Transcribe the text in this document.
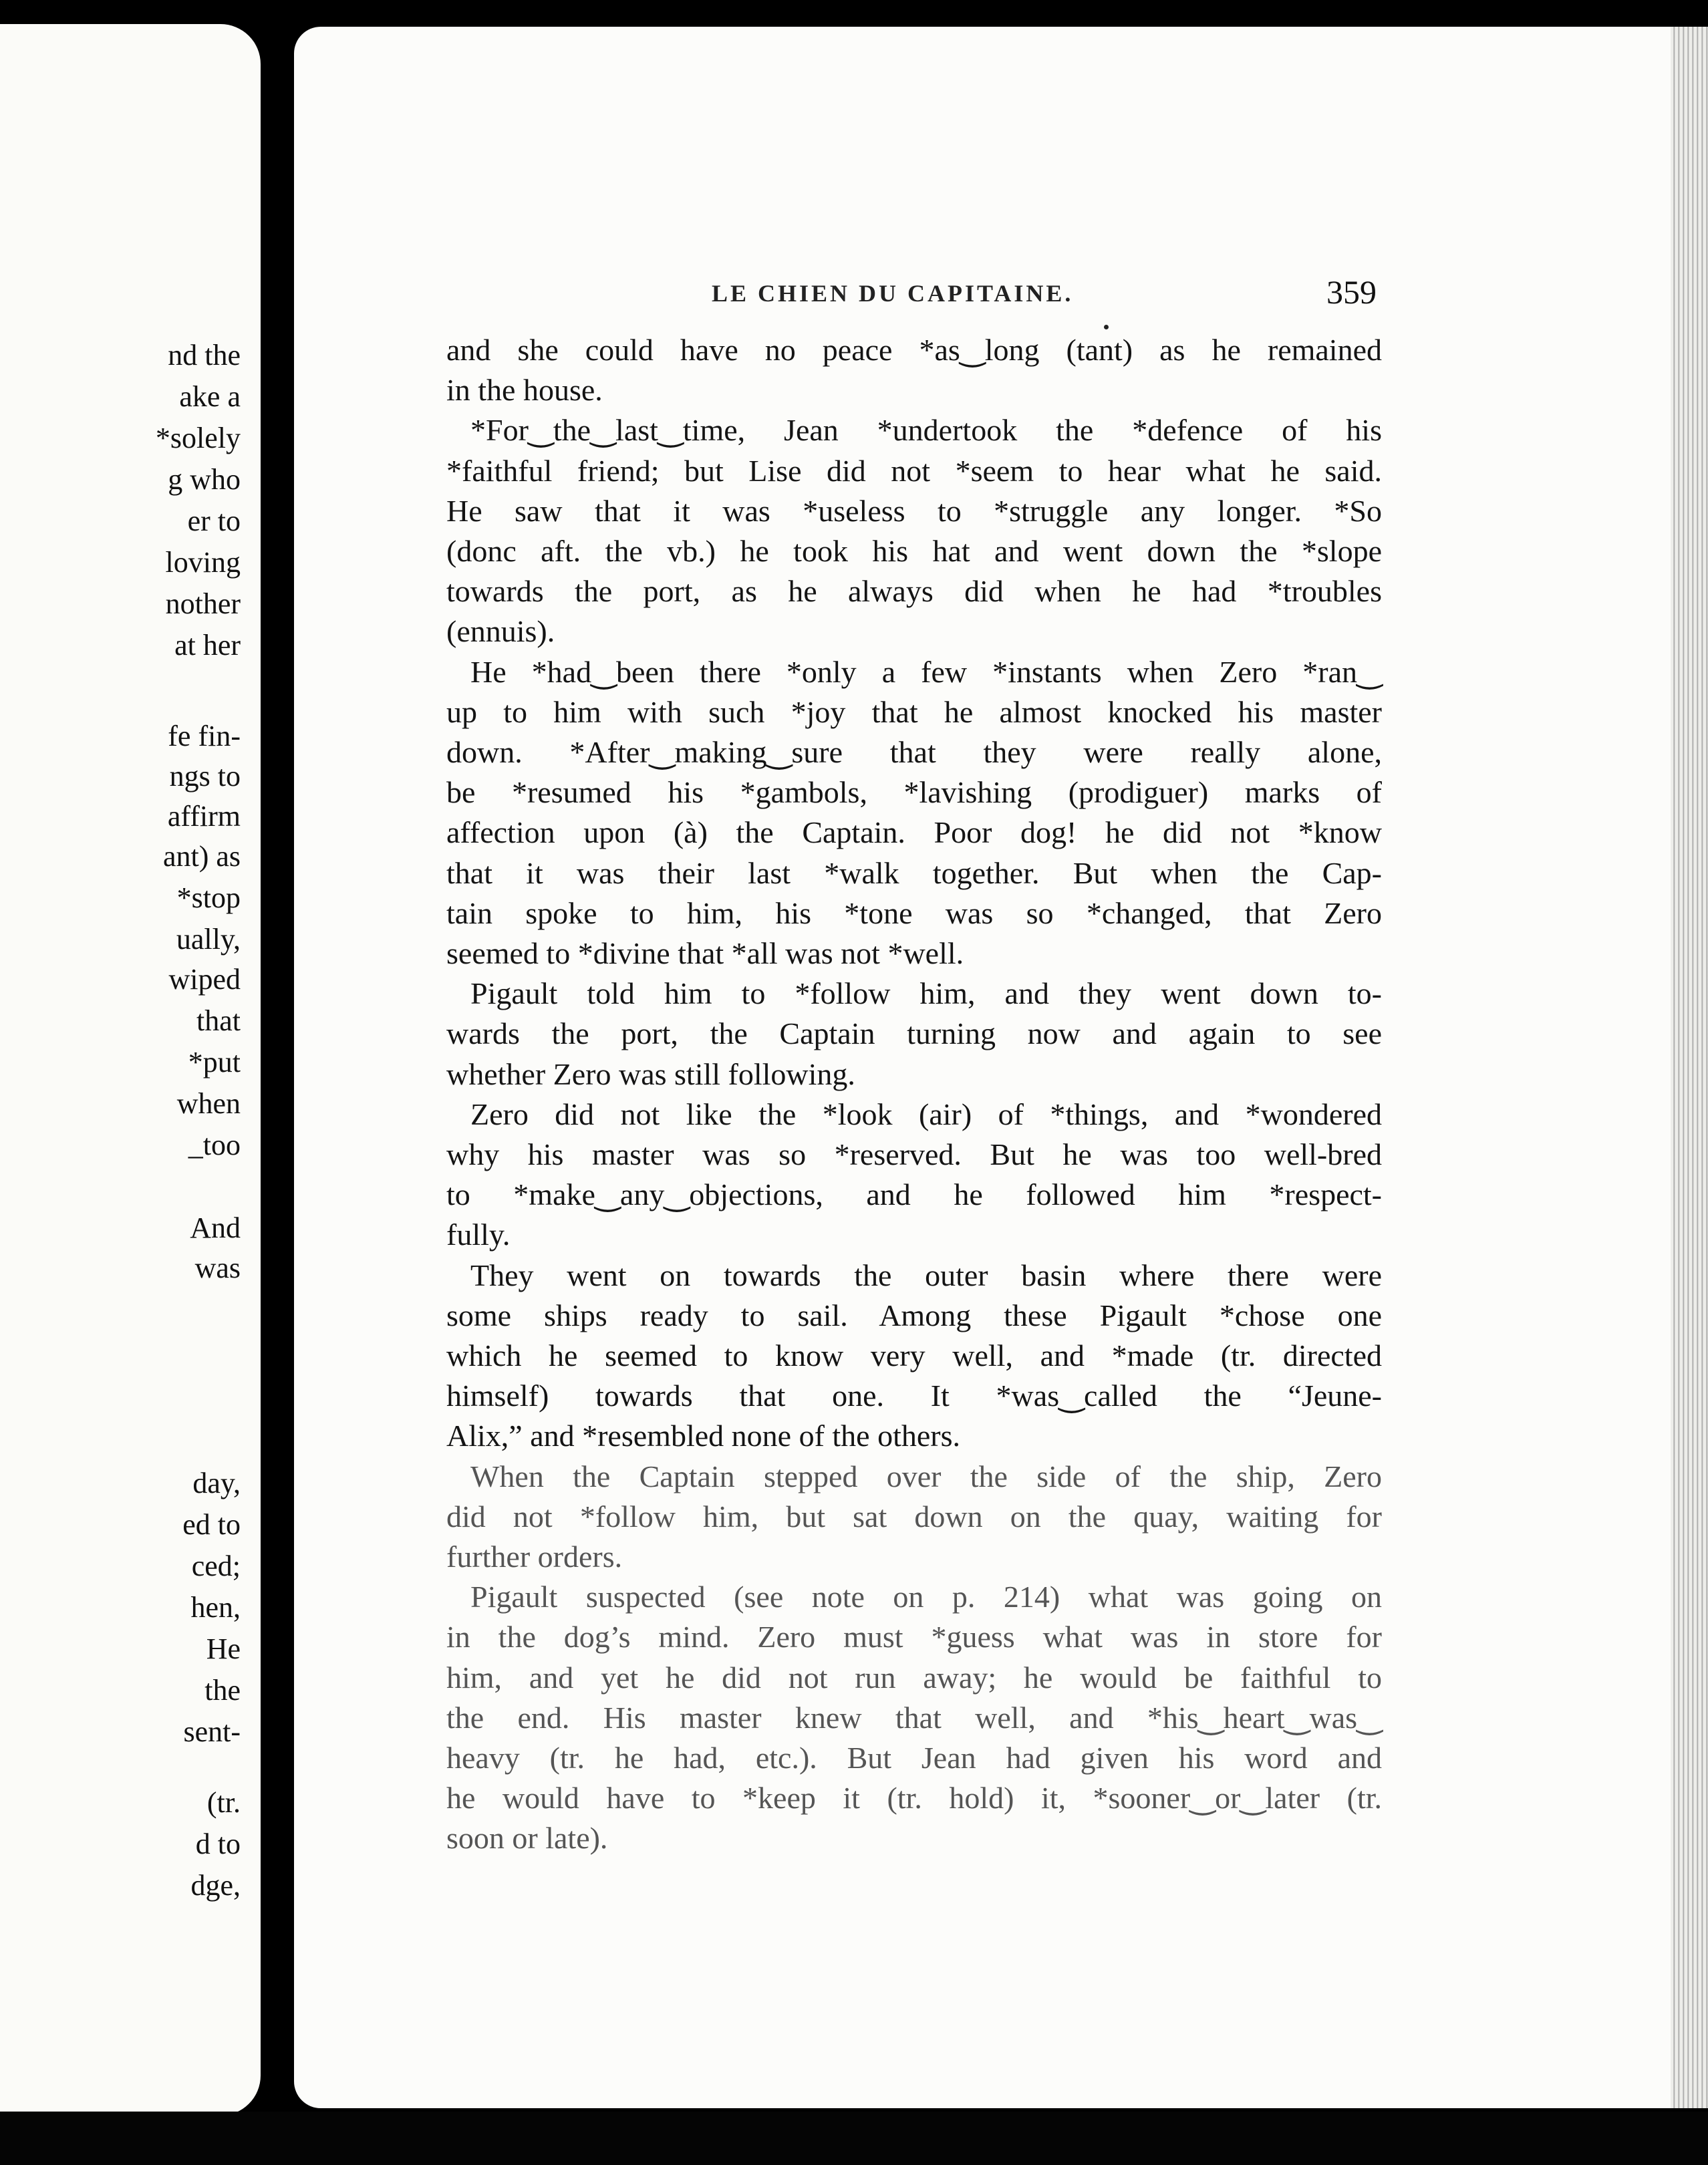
nd the
ake a
*solely
g who
er to
loving
nother
at her
fe fin-
ngs to
affirm
ant) as
*stop
ually,
wiped
that
*put
when
_too
And
was
day,
ed to
ced;
hen,
He
the
sent-
(tr.
d to
dge,
LE CHIEN DU CAPITAINE.	359
and she could have no peace *as‿long (tant) as he remained
in the house.
*For‿the‿last‿time, Jean *undertook the *defence of his
*faithful friend; but Lise did not *seem to hear what he said.
He saw that it was *useless to *struggle any longer. *So
(donc aft. the vb.) he took his hat and went down the *slope
towards the port, as he always did when he had *troubles
(ennuis).
He *had‿been there *only a few *instants when Zero *ran‿
up to him with such *joy that he almost knocked his master
down. *After‿making‿sure that they were really alone,
be *resumed his *gambols, *lavishing (prodiguer) marks of
affection upon (à) the Captain. Poor dog! he did not *know
that it was their last *walk together. But when the Cap-
tain spoke to him, his *tone was so *changed, that Zero
seemed to *divine that *all was not *well.
Pigault told him to *follow him, and they went down to-
wards the port, the Captain turning now and again to see
whether Zero was still following.
Zero did not like the *look (air) of *things, and *wondered
why his master was so *reserved. But he was too well-bred
to *make‿any‿objections, and he followed him *respect-
fully.
They went on towards the outer basin where there were
some ships ready to sail. Among these Pigault *chose one
which he seemed to know very well, and *made (tr. directed
himself) towards that one. It *was‿called the “Jeune-
Alix,” and *resembled none of the others.
When the Captain stepped over the side of the ship, Zero
did not *follow him, but sat down on the quay, waiting for
further orders.
Pigault suspected (see note on p. 214) what was going on
in the dog’s mind. Zero must *guess what was in store for
him, and yet he did not run away; he would be faithful to
the end. His master knew that well, and *his‿heart‿was‿
heavy (tr. he had, etc.). But Jean had given his word and
he would have to *keep it (tr. hold) it, *sooner‿or‿later (tr.
soon or late).
